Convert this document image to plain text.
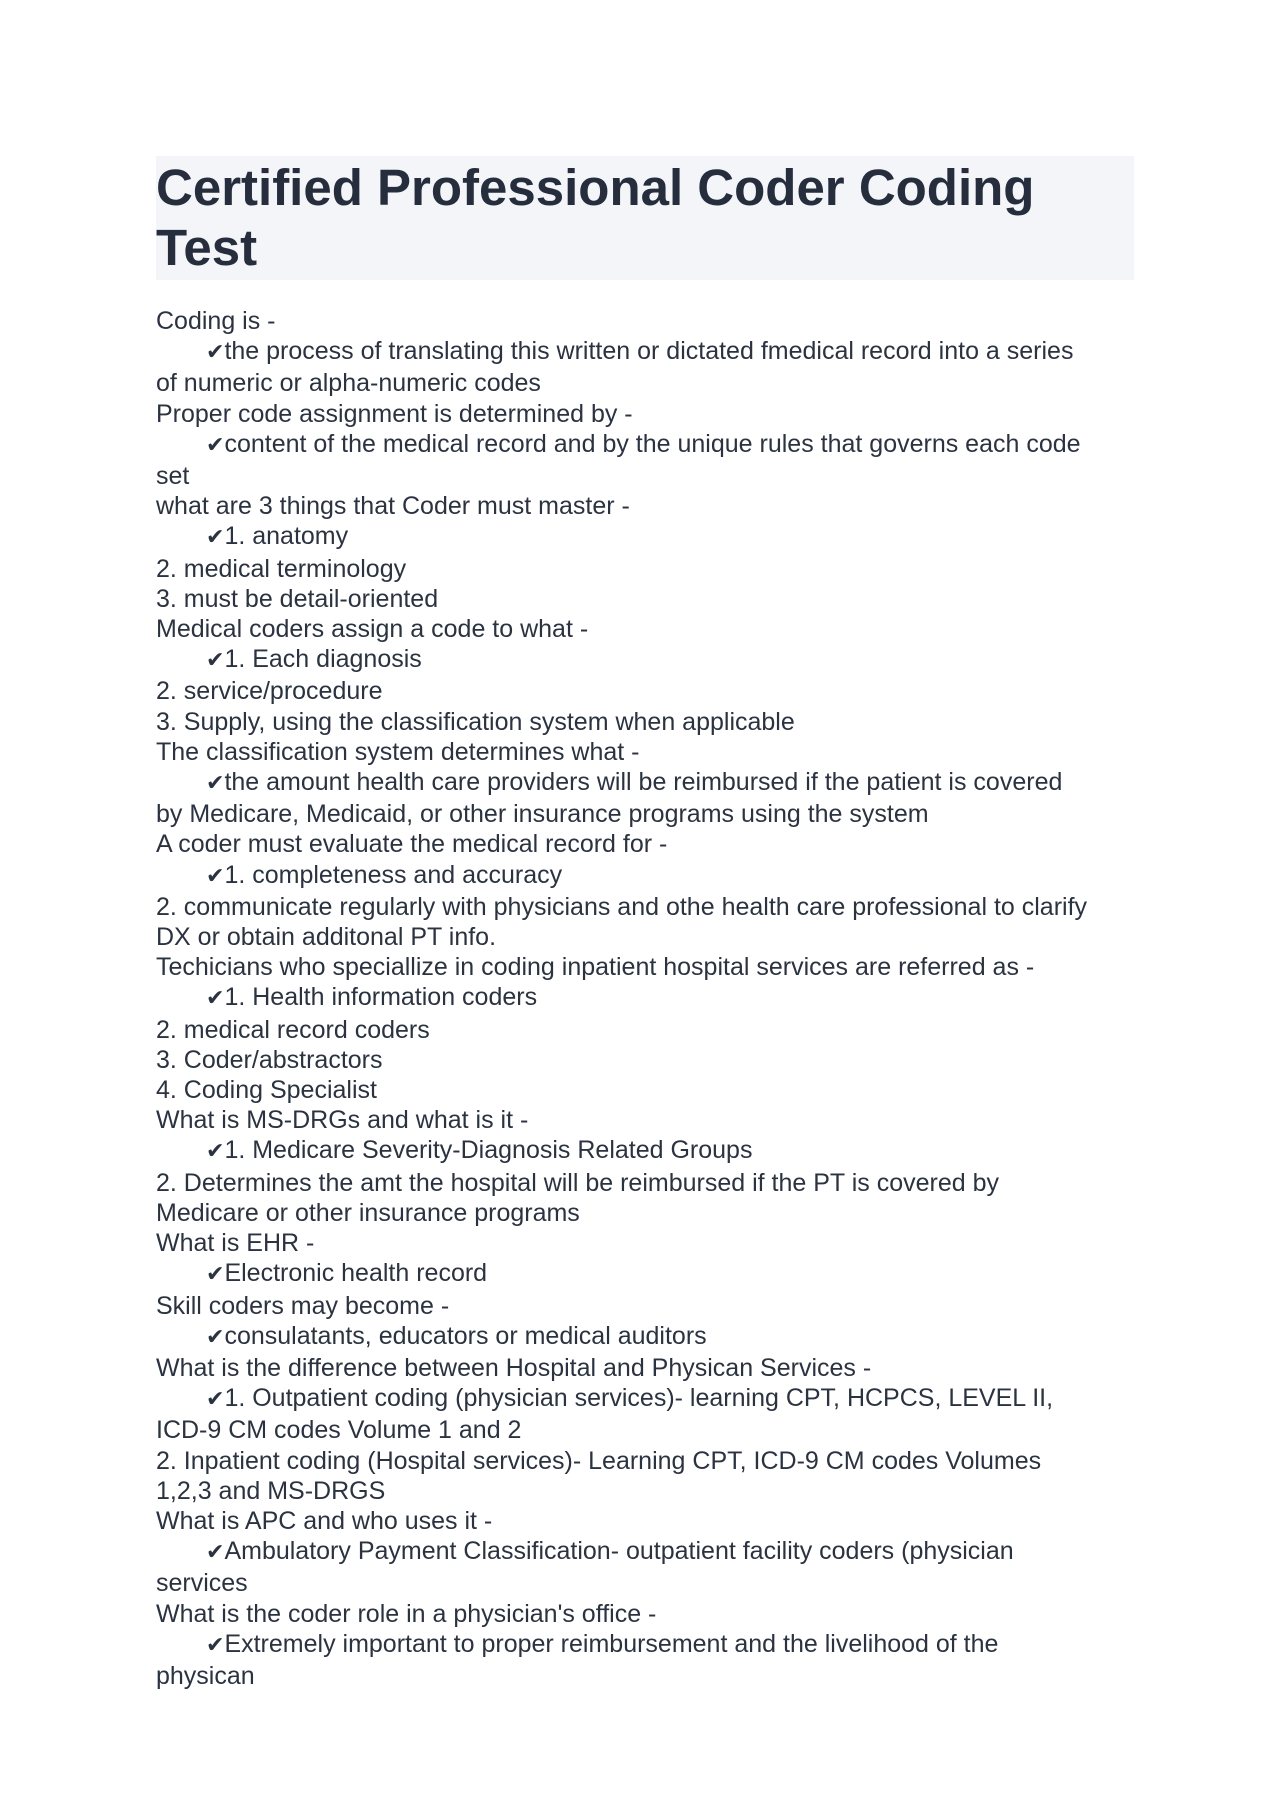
Certified Professional Coder Coding Test
Coding is -
✔the process of translating this written or dictated fmedical record into a series
of numeric or alpha-numeric codes
Proper code assignment is determined by -
✔content of the medical record and by the unique rules that governs each code
set
what are 3 things that Coder must master -
✔1. anatomy
2. medical terminology
3. must be detail-oriented
Medical coders assign a code to what -
✔1. Each diagnosis
2. service/procedure
3. Supply, using the classification system when applicable
The classification system determines what -
✔the amount health care providers will be reimbursed if the patient is covered
by Medicare, Medicaid, or other insurance programs using the system
A coder must evaluate the medical record for -
✔1. completeness and accuracy
2. communicate regularly with physicians and othe health care professional to clarify
DX or obtain additonal PT info.
Techicians who speciallize in coding inpatient hospital services are referred as -
✔1. Health information coders
2. medical record coders
3. Coder/abstractors
4. Coding Specialist
What is MS-DRGs and what is it -
✔1. Medicare Severity-Diagnosis Related Groups
2. Determines the amt the hospital will be reimbursed if the PT is covered by
Medicare or other insurance programs
What is EHR -
✔Electronic health record
Skill coders may become -
✔consulatants, educators or medical auditors
What is the difference between Hospital and Physican Services -
✔1. Outpatient coding (physician services)- learning CPT, HCPCS, LEVEL II,
ICD-9 CM codes Volume 1 and 2
2. Inpatient coding (Hospital services)- Learning CPT, ICD-9 CM codes Volumes
1,2,3 and MS-DRGS
What is APC and who uses it -
✔Ambulatory Payment Classification- outpatient facility coders (physician
services
What is the coder role in a physician's office -
✔Extremely important to proper reimbursement and the livelihood of the
physican
